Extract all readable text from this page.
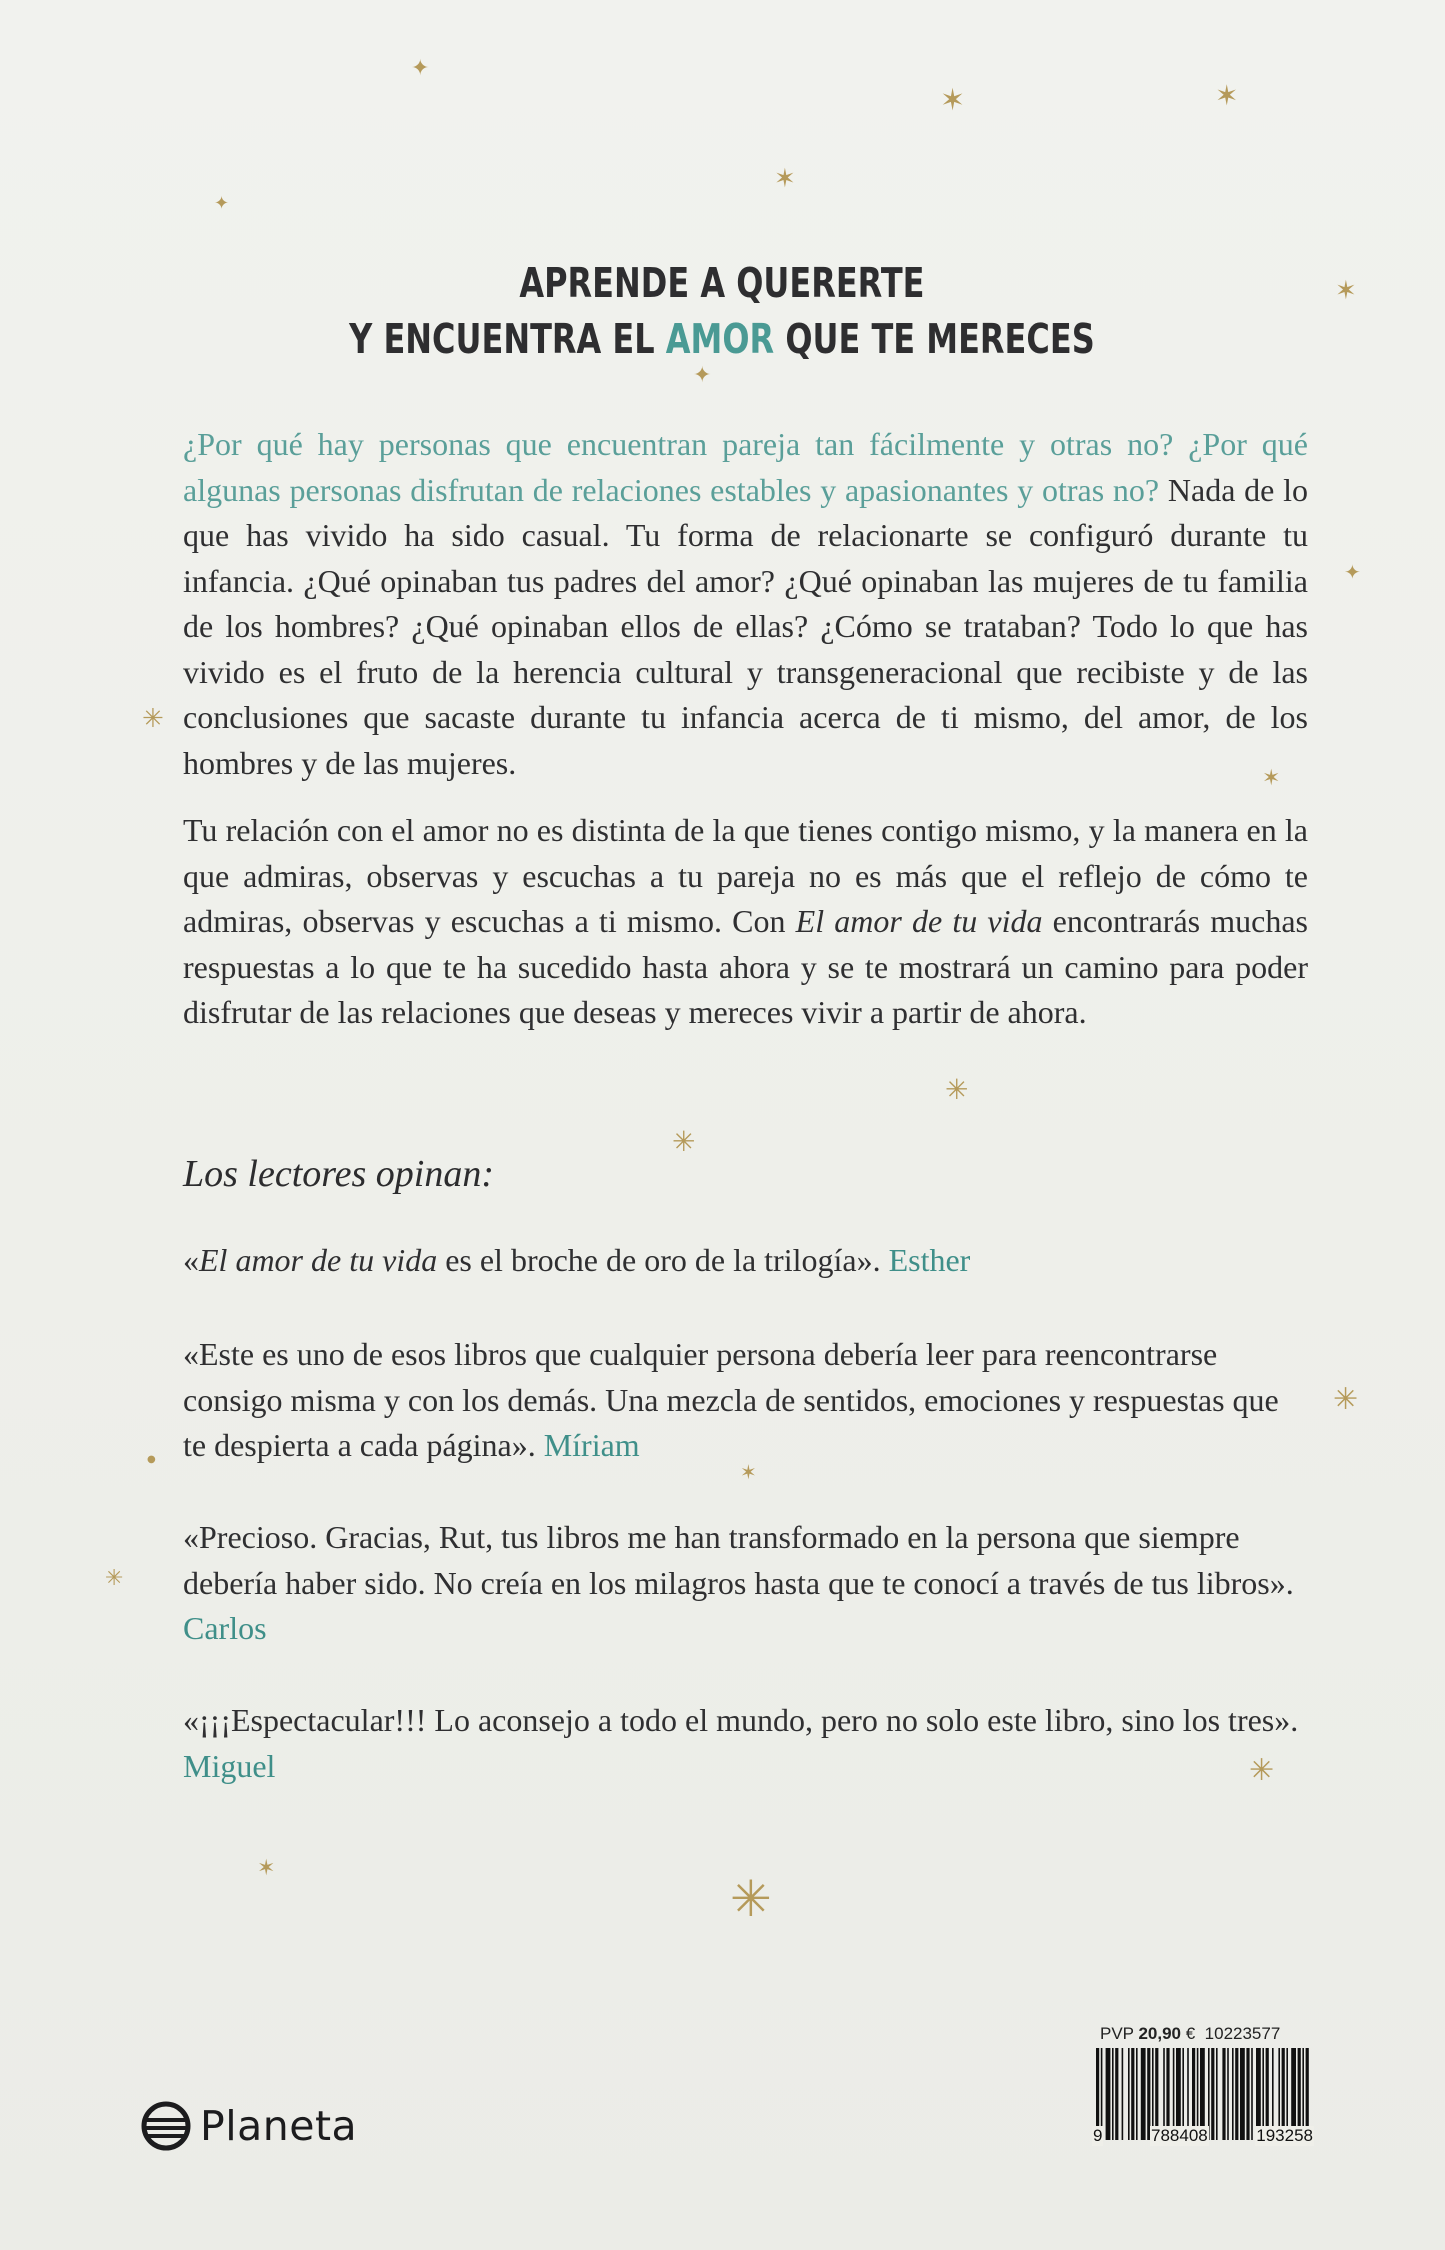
✦
✶	✶
✶
✦
✶
✦
✦
✳
✶
✳
✳
✳
✶
●
✳
✳
✶
✳
APRENDE A QUERERTE
Y ENCUENTRA EL AMOR QUE TE MERECES
¿Por qué hay personas que encuentran pareja tan fácilmente y otras no? ¿Por qué algunas personas disfrutan de relaciones estables y apasionantes y otras no? Nada de lo que has vivido ha sido casual. Tu forma de relacionarte se configuró durante tu infancia. ¿Qué opinaban tus padres del amor? ¿Qué opinaban las mujeres de tu familia de los hombres? ¿Qué opinaban ellos de ellas? ¿Cómo se trataban? Todo lo que has vivido es el fruto de la herencia cultural y transgeneracional que recibiste y de las conclusiones que sacaste durante tu infancia acerca de ti mismo, del amor, de los hombres y de las mujeres.
Tu relación con el amor no es distinta de la que tienes contigo mismo, y la manera en la que admiras, observas y escuchas a tu pareja no es más que el reflejo de cómo te admiras, observas y escuchas a ti mismo. Con El amor de tu vida encontrarás muchas respuestas a lo que te ha sucedido hasta ahora y se te mostrará un camino para poder disfrutar de las relaciones que deseas y mereces vivir a partir de ahora.
Los lectores opinan:
«El amor de tu vida es el broche de oro de la trilogía». Esther
«Este es uno de esos libros que cualquier persona debería leer para reencontrarse consigo misma y con los demás. Una mezcla de sentidos, emociones y respuestas que te despierta a cada página». Míriam
«Precioso. Gracias, Rut, tus libros me han transformado en la persona que siempre debería haber sido. No creía en los milagros hasta que te conocí a través de tus libros». Carlos
«¡¡¡Espectacular!!! Lo aconsejo a todo el mundo, pero no solo este libro, sino los tres». Miguel
Planeta
PVP 20,90 € 10223577
9	788408	193258
